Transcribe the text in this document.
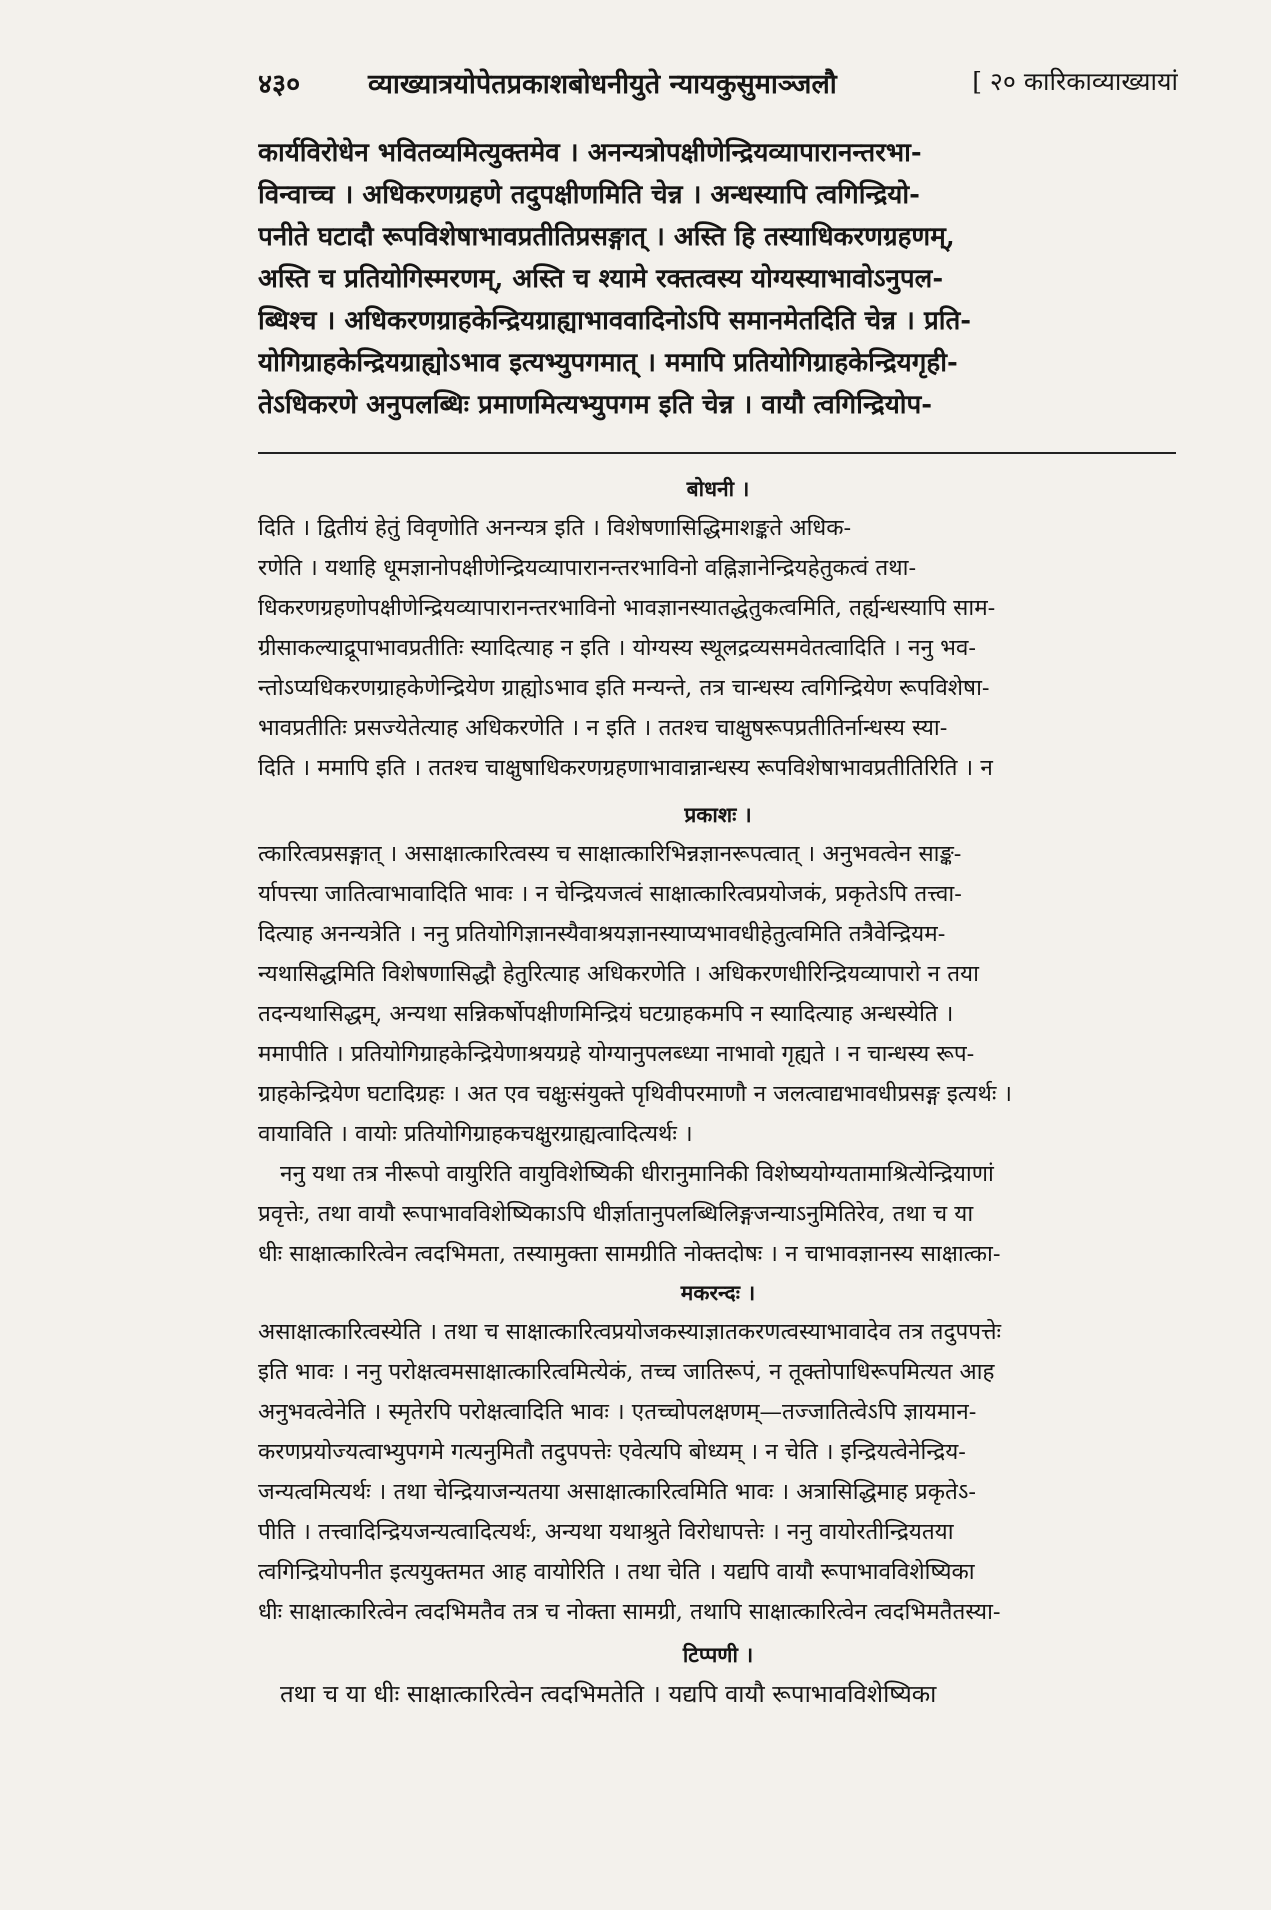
४३०	व्याख्यात्रयोपेतप्रकाशबोधनीयुते न्यायकुसुमाञ्जलौ	[ २० कारिकाव्याख्यायां
कार्यविरोधेन भवितव्यमित्युक्तमेव । अनन्यत्रोपक्षीणेन्द्रियव्यापारानन्तरभा-
विन्वाच्च । अधिकरणग्रहणे तदुपक्षीणमिति चेन्न । अन्धस्यापि त्वगिन्द्रियो-
पनीते घटादौ रूपविशेषाभावप्रतीतिप्रसङ्गात् । अस्ति हि तस्याधिकरणग्रहणम्,
अस्ति च प्रतियोगिस्मरणम्, अस्ति च श्यामे रक्तत्वस्य योग्यस्याभावोऽनुपल-
ब्धिश्च । अधिकरणग्राहकेन्द्रियग्राह्याभाववादिनोऽपि समानमेतदिति चेन्न । प्रति-
योगिग्राहकेन्द्रियग्राह्योऽभाव इत्यभ्युपगमात् । ममापि प्रतियोगिग्राहकेन्द्रियगृही-
तेऽधिकरणे अनुपलब्धिः प्रमाणमित्यभ्युपगम इति चेन्न । वायौ त्वगिन्द्रियोप-
बोधनी ।
दिति । द्वितीयं हेतुं विवृणोति अनन्यत्र इति । विशेषणासिद्धिमाशङ्कते अधिक-
रणेति । यथाहि धूमज्ञानोपक्षीणेन्द्रियव्यापारानन्तरभाविनो वह्निज्ञानेन्द्रियहेतुकत्वं तथा-
धिकरणग्रहणोपक्षीणेन्द्रियव्यापारानन्तरभाविनो भावज्ञानस्यातद्धेतुकत्वमिति, तर्ह्यन्धस्यापि साम-
ग्रीसाकल्याद्रूपाभावप्रतीतिः स्यादित्याह न इति । योग्यस्य स्थूलद्रव्यसमवेतत्वादिति । ननु भव-
न्तोऽप्यधिकरणग्राहकेणेन्द्रियेण ग्राह्योऽभाव इति मन्यन्ते, तत्र चान्धस्य त्वगिन्द्रियेण रूपविशेषा-
भावप्रतीतिः प्रसज्येतेत्याह अधिकरणेति । न इति । ततश्च चाक्षुषरूपप्रतीतिर्नान्धस्य स्या-
दिति । ममापि इति । ततश्च चाक्षुषाधिकरणग्रहणाभावान्नान्धस्य रूपविशेषाभावप्रतीतिरिति । न
प्रकाशः ।
त्कारित्वप्रसङ्गात् । असाक्षात्कारित्वस्य च साक्षात्कारिभिन्नज्ञानरूपत्वात् । अनुभवत्वेन साङ्क-
र्यापत्त्या जातित्वाभावादिति भावः । न चेन्द्रियजत्वं साक्षात्कारित्वप्रयोजकं, प्रकृतेऽपि तत्त्वा-
दित्याह अनन्यत्रेति । ननु प्रतियोगिज्ञानस्यैवाश्रयज्ञानस्याप्यभावधीहेतुत्वमिति तत्रैवेन्द्रियम-
न्यथासिद्धमिति विशेषणासिद्धौ हेतुरित्याह अधिकरणेति । अधिकरणधीरिन्द्रियव्यापारो न तया
तदन्यथासिद्धम्, अन्यथा सन्निकर्षोपक्षीणमिन्द्रियं घटग्राहकमपि न स्यादित्याह अन्धस्येति ।
ममापीति । प्रतियोगिग्राहकेन्द्रियेणाश्रयग्रहे योग्यानुपलब्ध्या नाभावो गृह्यते । न चान्धस्य रूप-
ग्राहकेन्द्रियेण घटादिग्रहः । अत एव चक्षुःसंयुक्ते पृथिवीपरमाणौ न जलत्वाद्यभावधीप्रसङ्ग इत्यर्थः ।
वायाविति । वायोः प्रतियोगिग्राहकचक्षुरग्राह्यत्वादित्यर्थः ।
ननु यथा तत्र नीरूपो वायुरिति वायुविशेष्यिकी धीरानुमानिकी विशेष्ययोग्यतामाश्रित्येन्द्रियाणां
प्रवृत्तेः, तथा वायौ रूपाभावविशेष्यिकाऽपि धीर्ज्ञातानुपलब्धिलिङ्गजन्याऽनुमितिरेव, तथा च या
धीः साक्षात्कारित्वेन त्वदभिमता, तस्यामुक्ता सामग्रीति नोक्तदोषः । न चाभावज्ञानस्य साक्षात्का-
मकरन्दः ।
असाक्षात्कारित्वस्येति । तथा च साक्षात्कारित्वप्रयोजकस्याज्ञातकरणत्वस्याभावादेव तत्र तदुपपत्तेः
इति भावः । ननु परोक्षत्वमसाक्षात्कारित्वमित्येकं, तच्च जातिरूपं, न तूक्तोपाधिरूपमित्यत आह
अनुभवत्वेनेति । स्मृतेरपि परोक्षत्वादिति भावः । एतच्चोपलक्षणम्—तज्जातित्वेऽपि ज्ञायमान-
करणप्रयोज्यत्वाभ्युपगमे गत्यनुमितौ तदुपपत्तेः एवेत्यपि बोध्यम् । न चेति । इन्द्रियत्वेनेन्द्रिय-
जन्यत्वमित्यर्थः । तथा चेन्द्रियाजन्यतया असाक्षात्कारित्वमिति भावः । अत्रासिद्धिमाह प्रकृतेऽ-
पीति । तत्त्वादिन्द्रियजन्यत्वादित्यर्थः, अन्यथा यथाश्रुते विरोधापत्तेः । ननु वायोरतीन्द्रियतया
त्वगिन्द्रियोपनीत इत्ययुक्तमत आह वायोरिति । तथा चेति । यद्यपि वायौ रूपाभावविशेष्यिका
धीः साक्षात्कारित्वेन त्वदभिमतैव तत्र च नोक्ता सामग्री, तथापि साक्षात्कारित्वेन त्वदभिमतैतस्या-
टिप्पणी ।
तथा च या धीः साक्षात्कारित्वेन त्वदभिमतेति । यद्यपि वायौ रूपाभावविशेष्यिका
